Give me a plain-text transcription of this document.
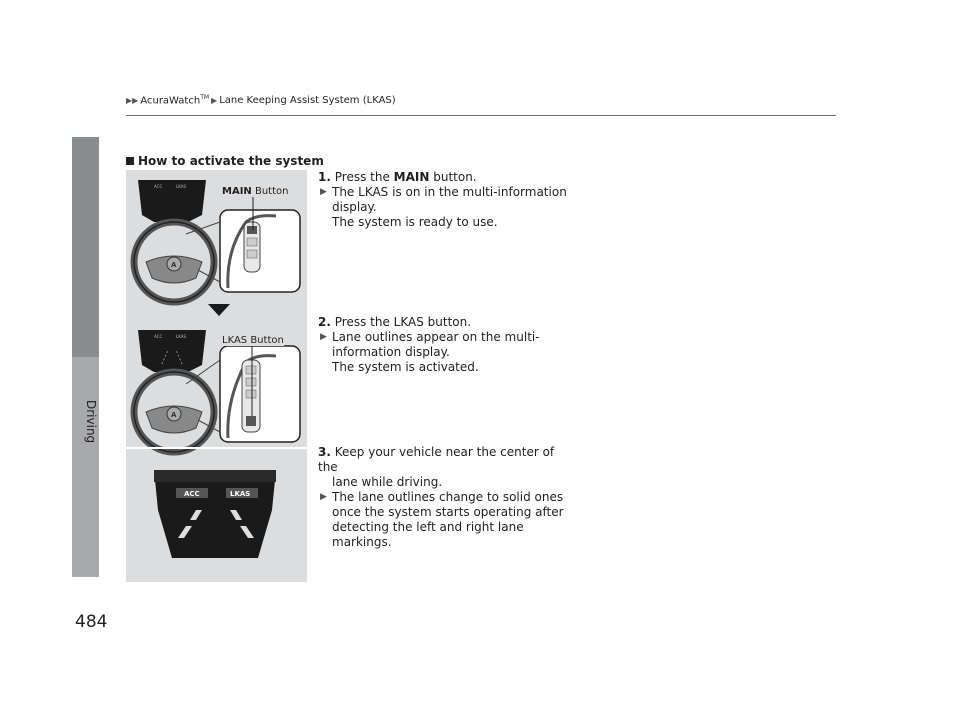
▶▶ AcuraWatch™ ▶ Lane Keeping Assist System (LKAS)
Driving
484
How to activate the system
ACC	LKAS
A
ACC	LKAS
A
MAIN Button
LKAS Button
ACC	LKAS
1. Press the MAIN button.
▶ The LKAS is on in the multi-information
display.
The system is ready to use.
2. Press the LKAS button.
▶ Lane outlines appear on the multi-
information display.
The system is activated.
3. Keep your vehicle near the center of the
lane while driving.
▶ The lane outlines change to solid ones
once the system starts operating after
detecting the left and right lane
markings.
